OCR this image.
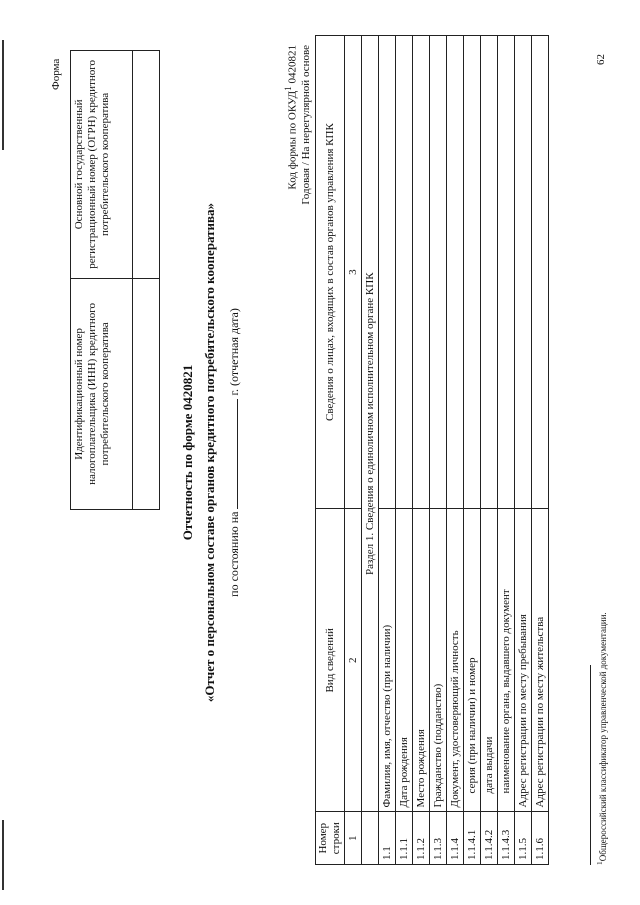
Форма
Идентификационный номер налогоплательщика (ИНН) кредитного потребительского кооператива	Основной государственный регистрационный номер (ОГРН) кредитного потребительского кооператива

Отчетность по форме 0420821 «Отчет о персональном составе органов кредитного потребительского кооператива» по состоянию на  г. (отчетная дата)
Код формы по ОКУД$^1$ 0420821 Годовая / На нерегулярной основе
Номер строки	Вид сведений	Сведения о лицах, входящих в состав органов управления КПК
1	2	3
	Раздел 1. Сведения о единоличном исполнительном органе КПК	
1.1	Фамилия, имя, отчество (при наличии)	
1.1.1	Дата рождения	
1.1.2	Место рождения	
1.1.3	Гражданство (подданство)	
1.1.4	Документ, удостоверяющий личность	
1.1.4.1	серия (при наличии) и номер	
1.1.4.2	дата выдачи	
1.1.4.3	наименование органа, выдавшего документ	
1.1.5	Адрес регистрации по месту пребывания	
1.1.6	Адрес регистрации по месту жительства	
$^1$Общероссийский классификатор управленческой документации.
62
